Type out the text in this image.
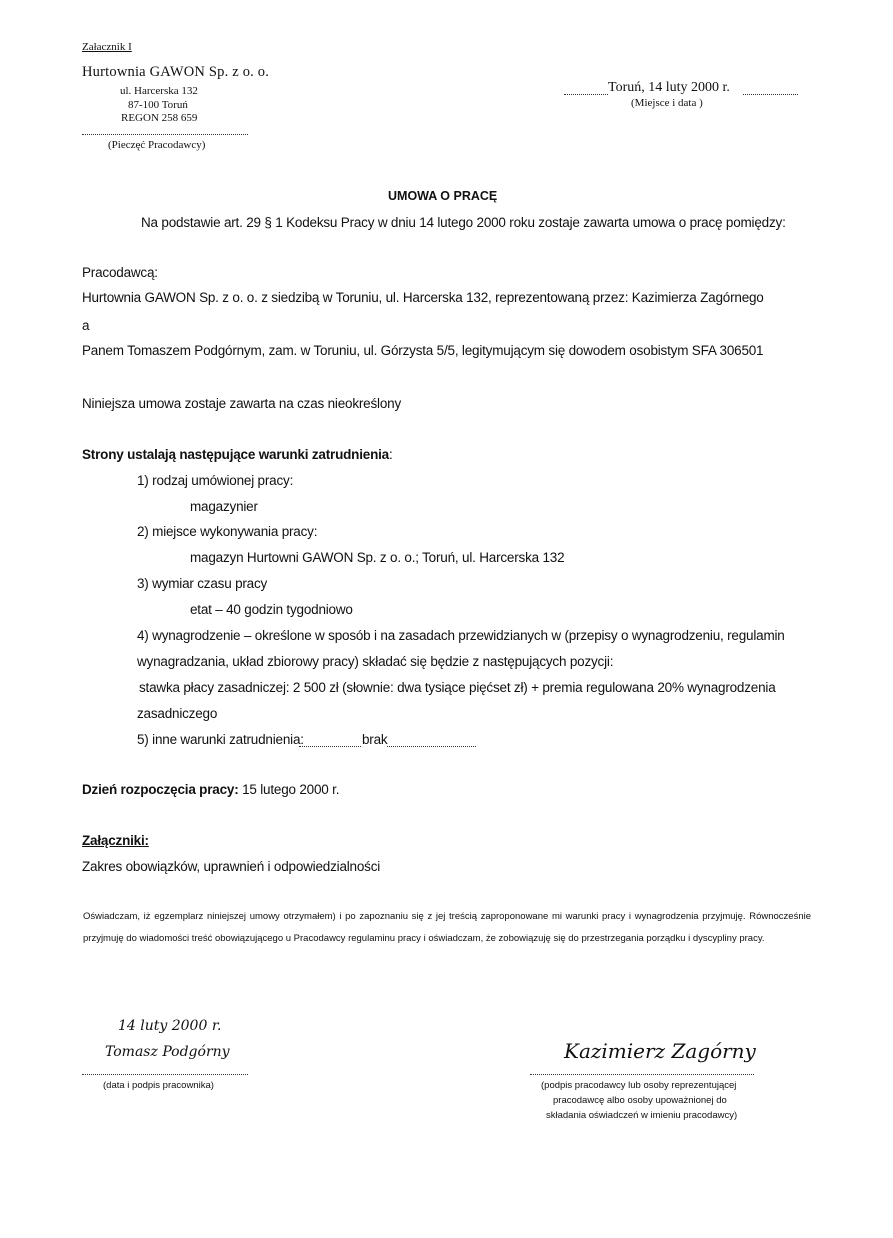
Załacznik I
Hurtownia GAWON Sp. z o. o.
ul. Harcerska 132
87-100 Toruń
REGON 258 659
(Pieczęć Pracodawcy)
Toruń, 14 luty 2000 r.
(Miejsce i data )
UMOWA O PRACĘ
Na podstawie art. 29 § 1 Kodeksu Pracy w dniu 14 lutego 2000 roku zostaje zawarta umowa o pracę pomiędzy:
Pracodawcą:
Hurtownia GAWON Sp. z o. o. z siedzibą w Toruniu, ul. Harcerska 132, reprezentowaną przez: Kazimierza Zagórnego
a
Panem Tomaszem Podgórnym, zam. w Toruniu, ul. Górzysta 5/5, legitymującym się dowodem osobistym SFA 306501
Niniejsza umowa zostaje zawarta na czas nieokreślony
Strony ustalają następujące warunki zatrudnienia:
1) rodzaj umówionej pracy:
magazynier
2) miejsce wykonywania pracy:
magazyn Hurtowni GAWON Sp. z o. o.; Toruń, ul. Harcerska 132
3) wymiar czasu pracy
etat – 40 godzin tygodniowo
4) wynagrodzenie – określone w sposób i na zasadach przewidzianych w (przepisy o wynagrodzeniu, regulamin
wynagradzania, układ zbiorowy pracy) składać się będzie z następujących pozycji:
stawka płacy zasadniczej: 2 500 zł (słownie: dwa tysiące pięćset zł) + premia regulowana 20% wynagrodzenia
zasadniczego
5) inne warunki zatrudnienia:	brak
Dzień rozpoczęcia pracy: 15 lutego 2000 r.
Załączniki:
Zakres obowiązków, uprawnień i odpowiedzialności
Oświadczam, iż egzemplarz niniejszej umowy otrzymałem) i po zapoznaniu się z jej treścią zaproponowane mi warunki pracy i wynagrodzenia przyjmuję. Równocześnie przyjmuję do wiadomości treść obowiązującego u Pracodawcy regulaminu pracy i oświadczam, że zobowiązuję się do przestrzegania porządku i dyscypliny pracy.
14 luty 2000 r.
Tomasz Podgórny
(data i podpis pracownika)
Kazimierz Zagórny
(podpis pracodawcy lub osoby reprezentującej
pracodawcę albo osoby upoważnionej do
składania oświadczeń w imieniu pracodawcy)
